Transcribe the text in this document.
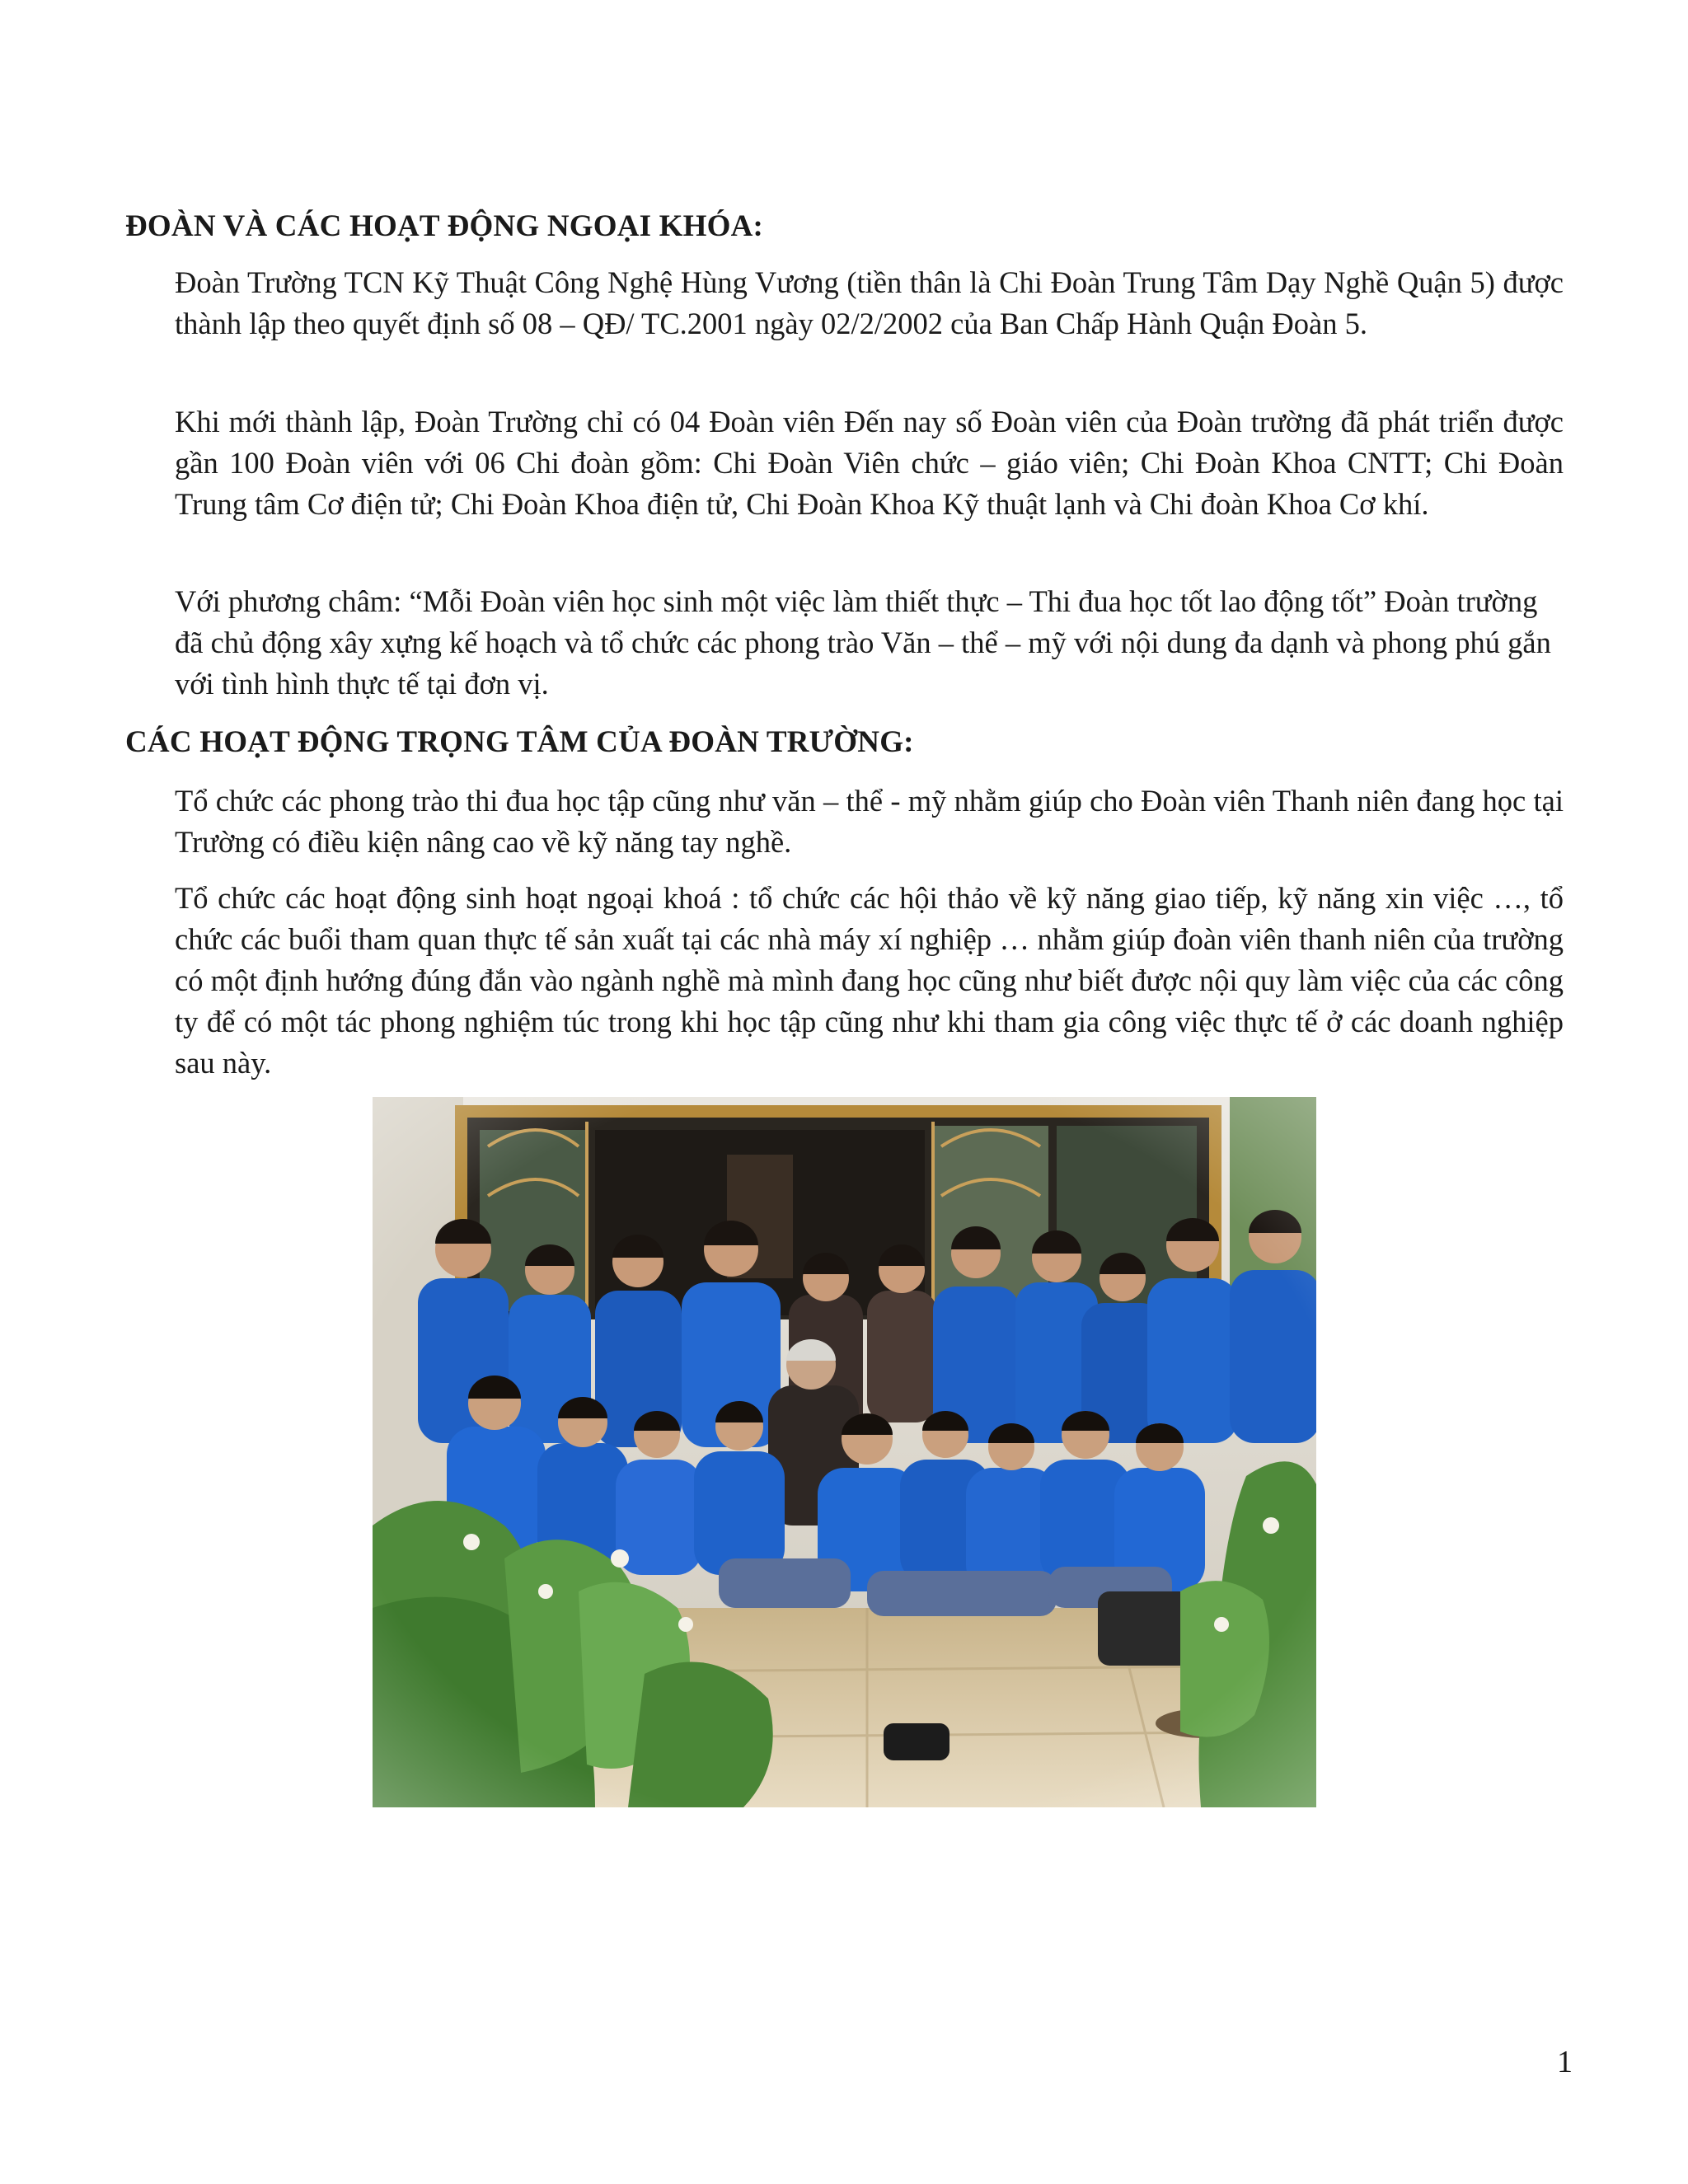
ĐOÀN VÀ CÁC HOẠT ĐỘNG NGOẠI KHÓA:
Đoàn Trường TCN Kỹ Thuật Công Nghệ Hùng Vương (tiền thân là Chi Đoàn Trung Tâm Dạy Nghề Quận 5) được thành lập theo quyết định số 08 – QĐ/ TC.2001 ngày 02/2/2002 của Ban Chấp Hành Quận Đoàn 5.
Khi mới thành lập, Đoàn Trường chỉ có 04 Đoàn viên Đến nay số Đoàn viên của Đoàn trường đã phát triển được gần 100 Đoàn viên với 06 Chi đoàn gồm: Chi Đoàn Viên chức – giáo viên; Chi Đoàn Khoa CNTT; Chi Đoàn Trung tâm Cơ điện tử; Chi Đoàn Khoa điện tử, Chi Đoàn Khoa Kỹ thuật lạnh và Chi đoàn Khoa Cơ khí.
Với phương châm: “Mỗi Đoàn viên học sinh một việc làm thiết thực – Thi đua học tốt lao động tốt” Đoàn trường đã chủ động xây xựng kế hoạch và tổ chức các phong trào Văn – thể – mỹ với nội dung đa dạnh và phong phú gắn với tình hình thực tế tại đơn vị.
CÁC HOẠT ĐỘNG TRỌNG TÂM CỦA ĐOÀN TRƯỜNG:
Tổ chức các phong trào thi đua học tập cũng như văn – thể - mỹ nhằm giúp cho Đoàn viên Thanh niên đang học tại Trường có điều kiện nâng cao về kỹ năng tay nghề.
Tổ chức các hoạt động sinh hoạt ngoại khoá : tổ chức các hội thảo về kỹ năng giao tiếp, kỹ năng xin việc …, tổ chức các buổi tham quan thực tế sản xuất tại các nhà máy xí nghiệp … nhằm giúp đoàn viên thanh niên của trường có một định hướng đúng đắn vào ngành nghề mà mình đang học cũng như biết được nội quy làm việc của các công ty để có một tác phong nghiệm túc trong khi học tập cũng như khi tham gia công việc thực tế ở các doanh nghiệp sau này.
1
